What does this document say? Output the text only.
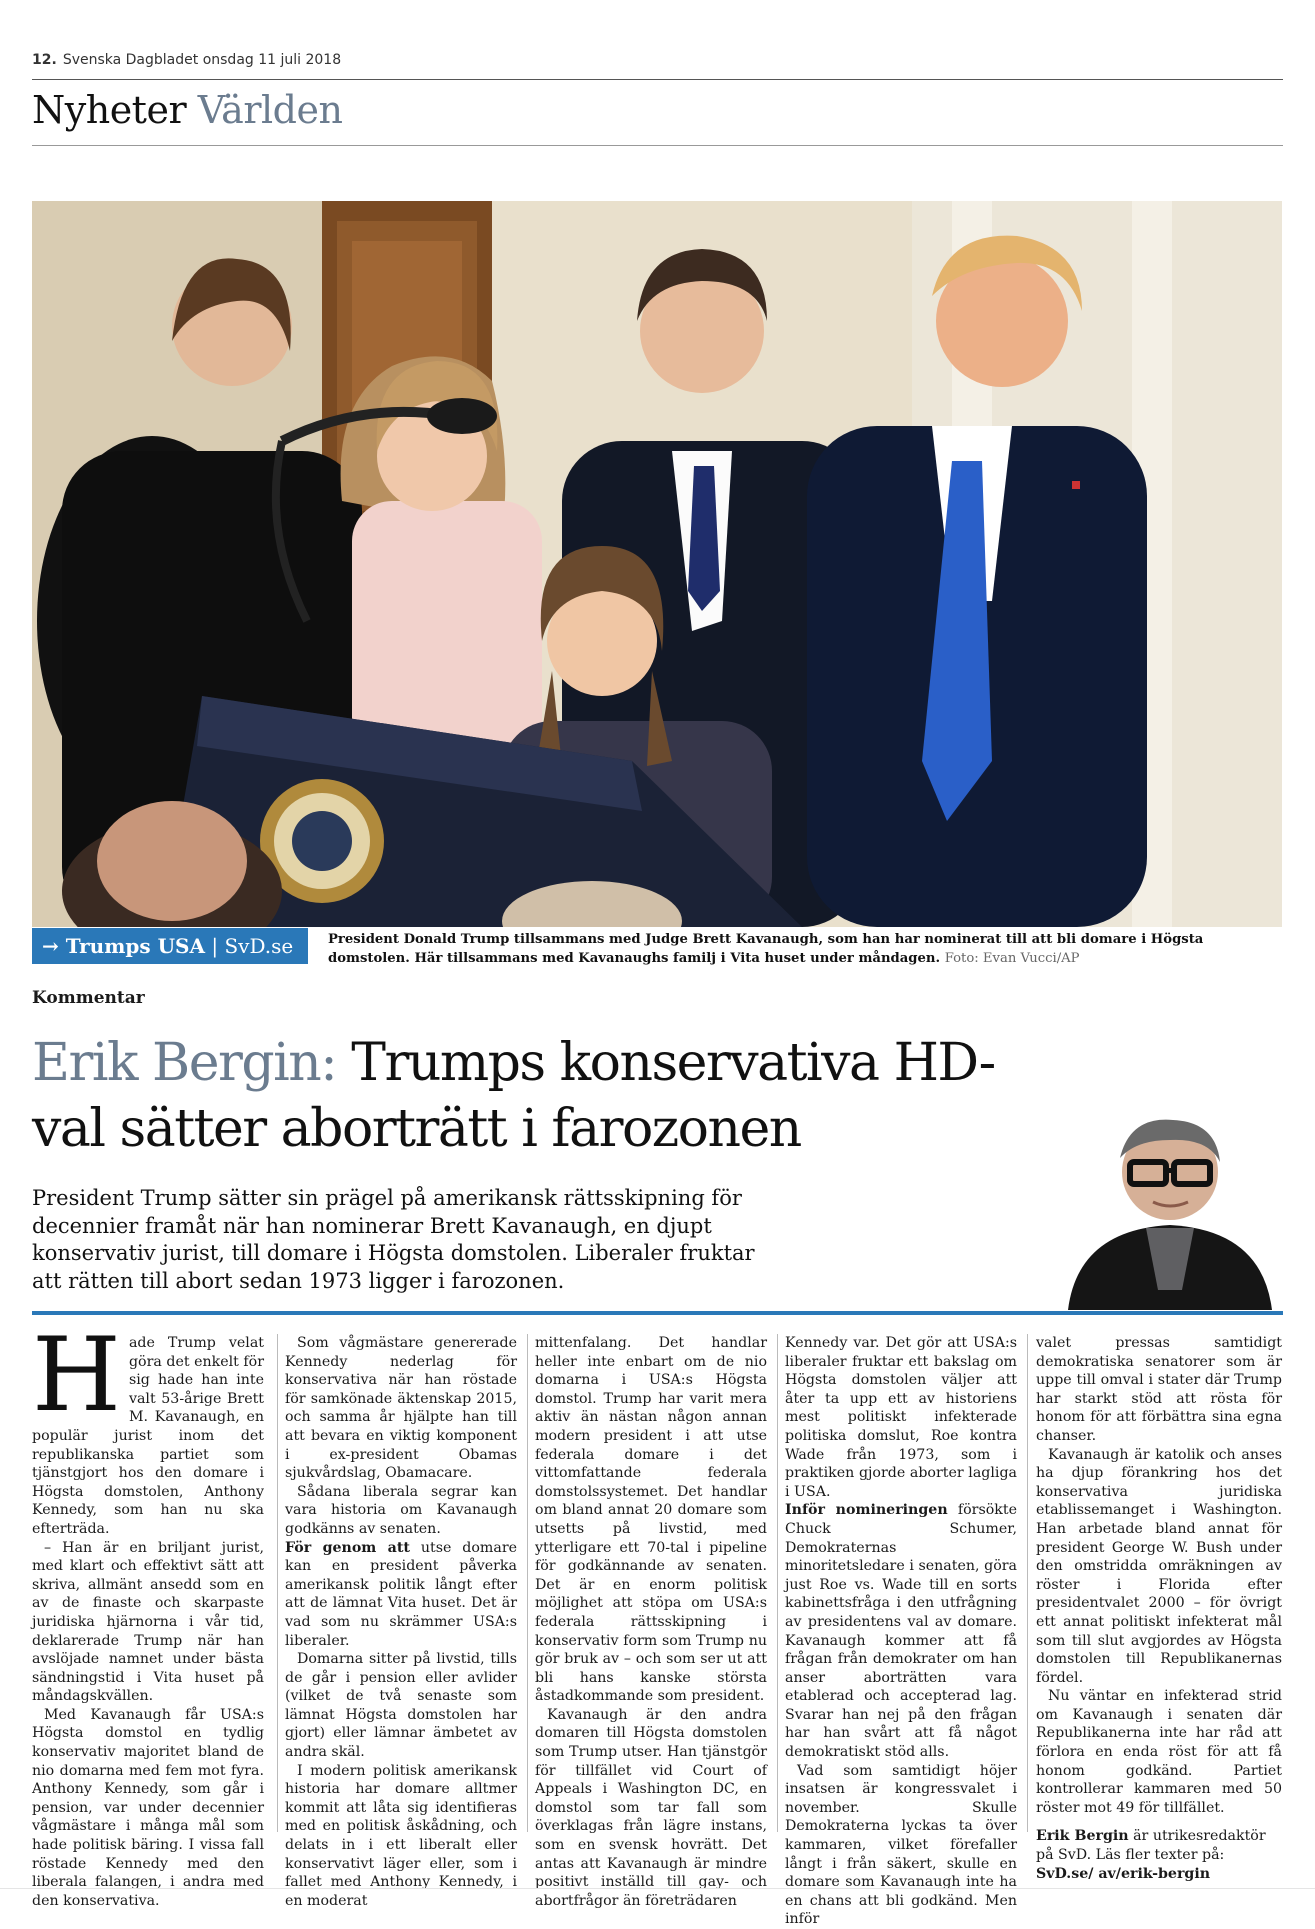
12. Svenska Dagbladet onsdag 11 juli 2018
Nyheter Världen
→ Trumps USA | SvD.se	President Donald Trump tillsammans med Judge Brett Kavanaugh, som han har nominerat till att bli domare i Högsta domstolen. Här tillsammans med Kavanaughs familj i Vita huset under måndagen. Foto: Evan Vucci/AP
Kommentar
Erik Bergin: Trumps konservativa HD-val sätter aborträtt i farozonen
President Trump sätter sin prägel på amerikansk rättsskipning för decennier framåt när han nominerar Brett Kavanaugh, en djupt konservativ jurist, till domare i Högsta domstolen. Liberaler fruktar att rätten till abort sedan 1973 ligger i farozonen.
H ade Trump velat göra det enkelt för sig hade han inte valt 53-årige Brett M. Kavanaugh, en populär jurist inom det republikanska partiet som tjänstgjort hos den domare i Högsta domstolen, Anthony Kennedy, som han nu ska efterträda.

– Han är en briljant jurist, med klart och effektivt sätt att skriva, allmänt ansedd som en av de finaste och skarpaste juridiska hjärnorna i vår tid, deklarerade Trump när han avslöjade namnet under bästa sändningstid i Vita huset på måndagskvällen.

Med Kavanaugh får USA:s Högsta domstol en tydlig konservativ majoritet bland de nio domarna med fem mot fyra. Anthony Kennedy, som går i pension, var under decennier vågmästare i många mål som hade politisk bäring. I vissa fall röstade Kennedy med den liberala falangen, i andra med den konservativa.

Som vågmästare genererade Kennedy nederlag för konservativa när han röstade för samkönade äktenskap 2015, och samma år hjälpte han till att bevara en viktig komponent i ex-president Obamas sjukvårdslag, Obamacare.

Sådana liberala segrar kan vara historia om Kavanaugh godkänns av senaten.

För genom att utse domare kan en president påverka amerikansk politik långt efter att de lämnat Vita huset. Det är vad som nu skrämmer USA:s liberaler.

Domarna sitter på livstid, tills de går i pension eller avlider (vilket de två senaste som lämnat Högsta domstolen har gjort) eller lämnar ämbetet av andra skäl.

I modern politisk amerikansk historia har domare alltmer kommit att låta sig identifieras med en politisk åskådning, och delats in i ett liberalt eller konservativt läger eller, som i fallet med Anthony Kennedy, i en moderat

mittenfalang. Det handlar heller inte enbart om de nio domarna i USA:s Högsta domstol. Trump har varit mera aktiv än nästan någon annan modern president i att utse federala domare i det vittomfattande federala domstolssystemet. Det handlar om bland annat 20 domare som utsetts på livstid, med ytterligare ett 70-tal i pipeline för godkännande av senaten. Det är en enorm politisk möjlighet att stöpa om USA:s federala rättsskipning i konservativ form som Trump nu gör bruk av – och som ser ut att bli hans kanske största åstadkommande som president.

Kavanaugh är den andra domaren till Högsta domstolen som Trump utser. Han tjänstgör för tillfället vid Court of Appeals i Washington DC, en domstol som tar fall som överklagas från lägre instans, som en svensk hovrätt. Det antas att Kavanaugh är mindre positivt inställd till gay- och abortfrågor än företrädaren

Kennedy var. Det gör att USA:s liberaler fruktar ett bakslag om Högsta domstolen väljer att åter ta upp ett av historiens mest politiskt infekterade politiska domslut, Roe kontra Wade från 1973, som i praktiken gjorde aborter lagliga i USA.

Inför nomineringen försökte Chuck Schumer, Demokraternas minoritetsledare i senaten, göra just Roe vs. Wade till en sorts kabinettsfråga i den utfrågning av presidentens val av domare. Kavanaugh kommer att få frågan från demokrater om han anser aborträtten vara etablerad och accepterad lag. Svarar han nej på den frågan har han svårt att få något demokratiskt stöd alls.

Vad som samtidigt höjer insatsen är kongressvalet i november. Skulle Demokraterna lyckas ta över kammaren, vilket förefaller långt i från säkert, skulle en domare som Kavanaugh inte ha en chans att bli godkänd. Men inför

valet pressas samtidigt demokratiska senatorer som är uppe till omval i stater där Trump har starkt stöd att rösta för honom för att förbättra sina egna chanser.

Kavanaugh är katolik och anses ha djup förankring hos det konservativa juridiska etablissemanget i Washington. Han arbetade bland annat för president George W. Bush under den omstridda omräkningen av röster i Florida efter presidentvalet 2000 – för övrigt ett annat politiskt infekterat mål som till slut avgjordes av Högsta domstolen till Republikanernas fördel.

Nu väntar en infekterad strid om Kavanaugh i senaten där Republikanerna inte har råd att förlora en enda röst för att få honom godkänd. Partiet kontrollerar kammaren med 50 röster mot 49 för tillfället.

Erik Bergin är utrikesredaktör på SvD. Läs fler texter på: SvD.se/ av/erik-bergin
